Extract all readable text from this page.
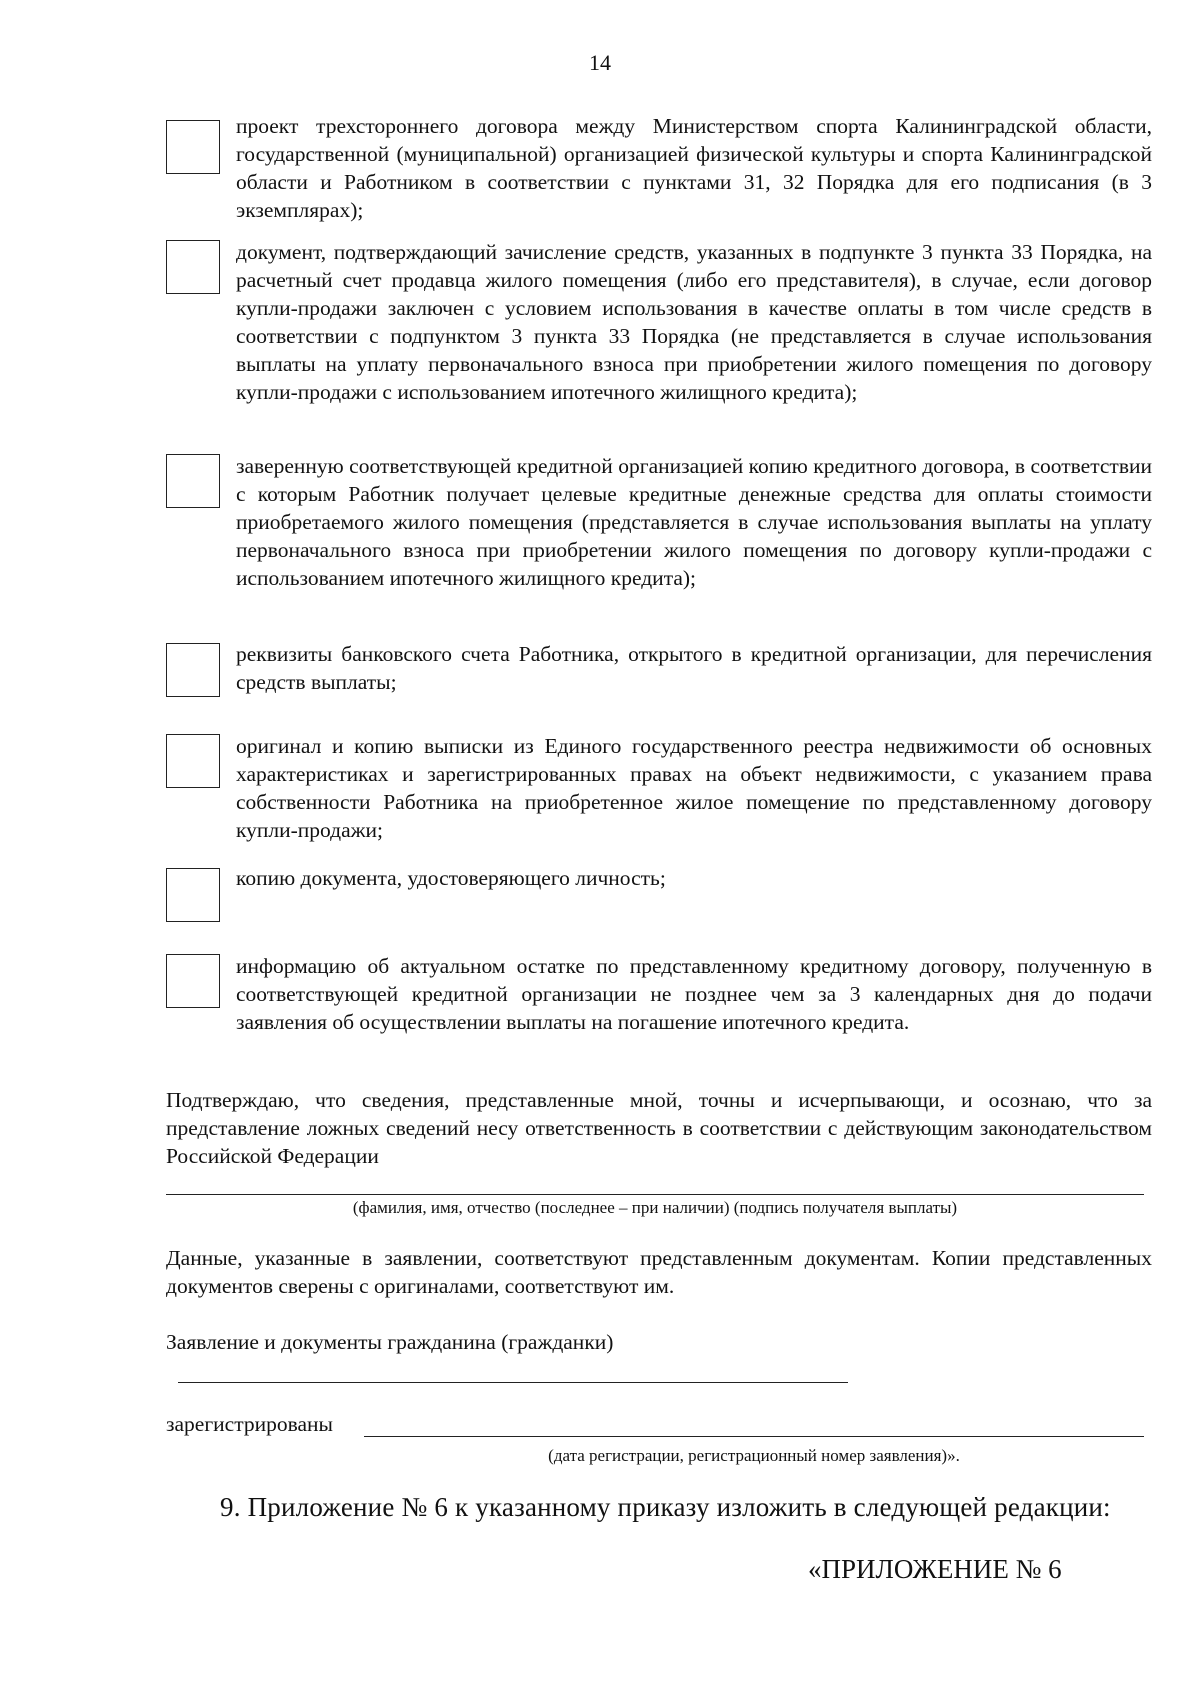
14
проект трехстороннего договора между Министерством спорта Калининградской области, государственной (муниципальной) организацией физической культуры и спорта Калининградской области и Работником в соответствии с пунктами 31, 32 Порядка для его подписания (в 3 экземплярах);
документ, подтверждающий зачисление средств, указанных в подпункте 3 пункта 33 Порядка, на расчетный счет продавца жилого помещения (либо его представителя), в случае, если договор купли-продажи заключен с условием использования в качестве оплаты в том числе средств в соответствии с подпунктом 3 пункта 33 Порядка (не представляется в случае использования выплаты на уплату первоначального взноса при приобретении жилого помещения по договору купли-продажи с использованием ипотечного жилищного кредита);
заверенную соответствующей кредитной организацией копию кредитного договора, в соответствии с которым Работник получает целевые кредитные денежные средства для оплаты стоимости приобретаемого жилого помещения (представляется в случае использования выплаты на уплату первоначального взноса при приобретении жилого помещения по договору купли-продажи с использованием ипотечного жилищного кредита);
реквизиты банковского счета Работника, открытого в кредитной организации, для перечисления средств выплаты;
оригинал и копию выписки из Единого государственного реестра недвижимости об основных характеристиках и зарегистрированных правах на объект недвижимости, с указанием права собственности Работника на приобретенное жилое помещение по представленному договору купли-продажи;
копию документа, удостоверяющего личность;
информацию об актуальном остатке по представленному кредитному договору, полученную в соответствующей кредитной организации не позднее чем за 3 календарных дня до подачи заявления об осуществлении выплаты на погашение ипотечного кредита.
Подтверждаю, что сведения, представленные мной, точны и исчерпывающи, и осознаю, что за представление ложных сведений несу ответственность в соответствии с действующим законодательством Российской Федерации
(фамилия, имя, отчество (последнее – при наличии) (подпись получателя выплаты)
Данные, указанные в заявлении, соответствуют представленным документам. Копии представленных документов сверены с оригиналами, соответствуют им.
Заявление и документы гражданина (гражданки)
зарегистрированы
(дата регистрации, регистрационный номер заявления)».
9. Приложение № 6 к указанному приказу изложить в следующей редакции:
«ПРИЛОЖЕНИЕ № 6
